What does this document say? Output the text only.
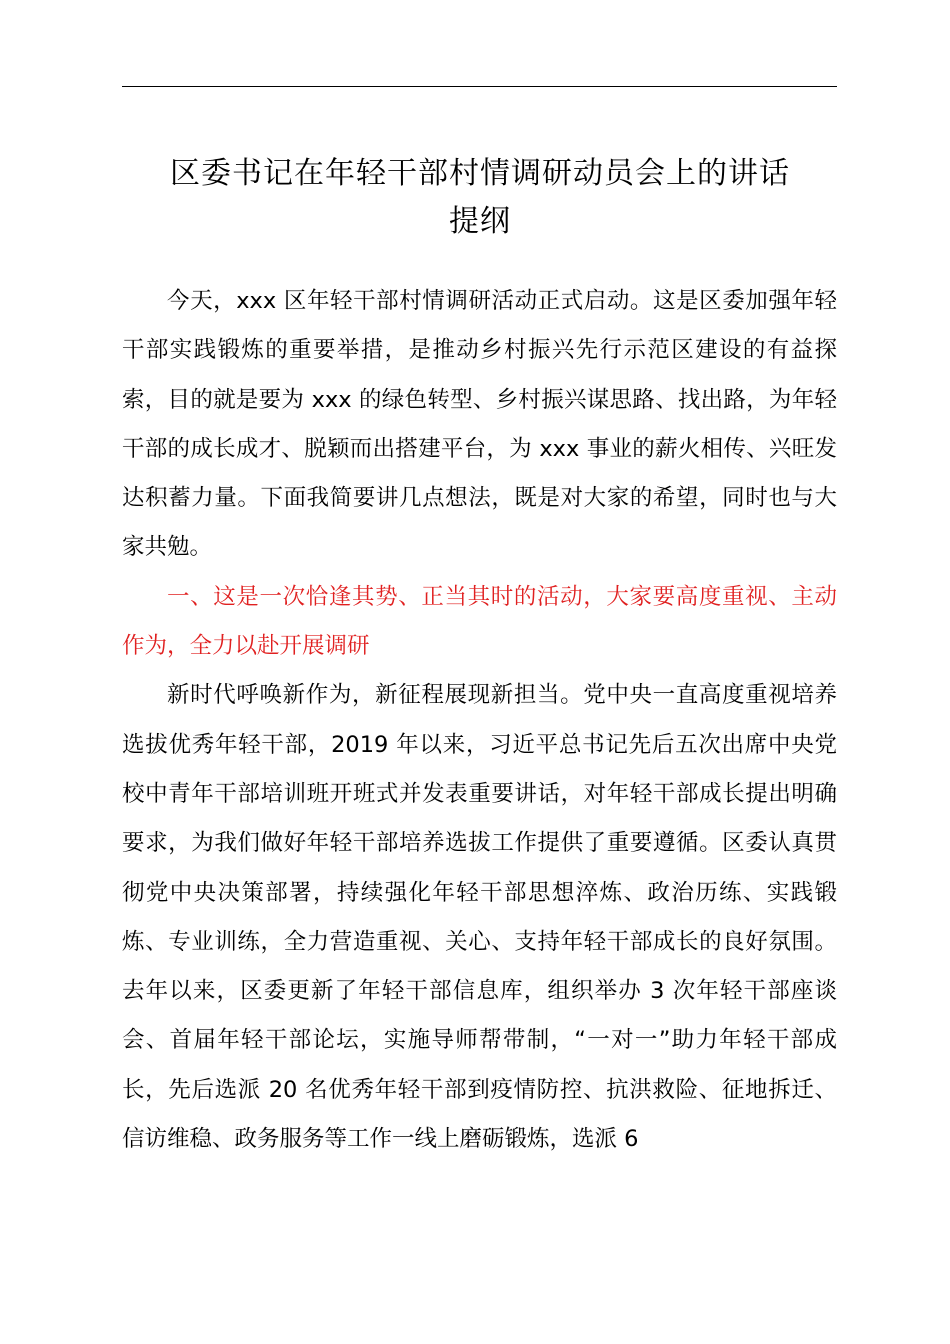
区委书记在年轻干部村情调研动员会上的讲话
提纲

今天，xxx 区年轻干部村情调研活动正式启动。这是区委加强年轻干部实践锻炼的重要举措，是推动乡村振兴先行示范区建设的有益探索，目的就是要为 xxx 的绿色转型、乡村振兴谋思路、找出路，为年轻干部的成长成才、脱颖而出搭建平台，为 xxx 事业的薪火相传、兴旺发达积蓄力量。下面我简要讲几点想法，既是对大家的希望，同时也与大家共勉。

一、这是一次恰逢其势、正当其时的活动，大家要高度重视、主动作为，全力以赴开展调研

新时代呼唤新作为，新征程展现新担当。党中央一直高度重视培养选拔优秀年轻干部，2019 年以来，习近平总书记先后五次出席中央党校中青年干部培训班开班式并发表重要讲话，对年轻干部成长提出明确要求，为我们做好年轻干部培养选拔工作提供了重要遵循。区委认真贯彻党中央决策部署，持续强化年轻干部思想淬炼、政治历练、实践锻炼、专业训练，全力营造重视、关心、支持年轻干部成长的良好氛围。去年以来，区委更新了年轻干部信息库，组织举办 3 次年轻干部座谈会、首届年轻干部论坛，实施导师帮带制，“一对一”助力年轻干部成长，先后选派 20 名优秀年轻干部到疫情防控、抗洪救险、征地拆迁、信访维稳、政务服务等工作一线上磨砺锻炼，选派 6
